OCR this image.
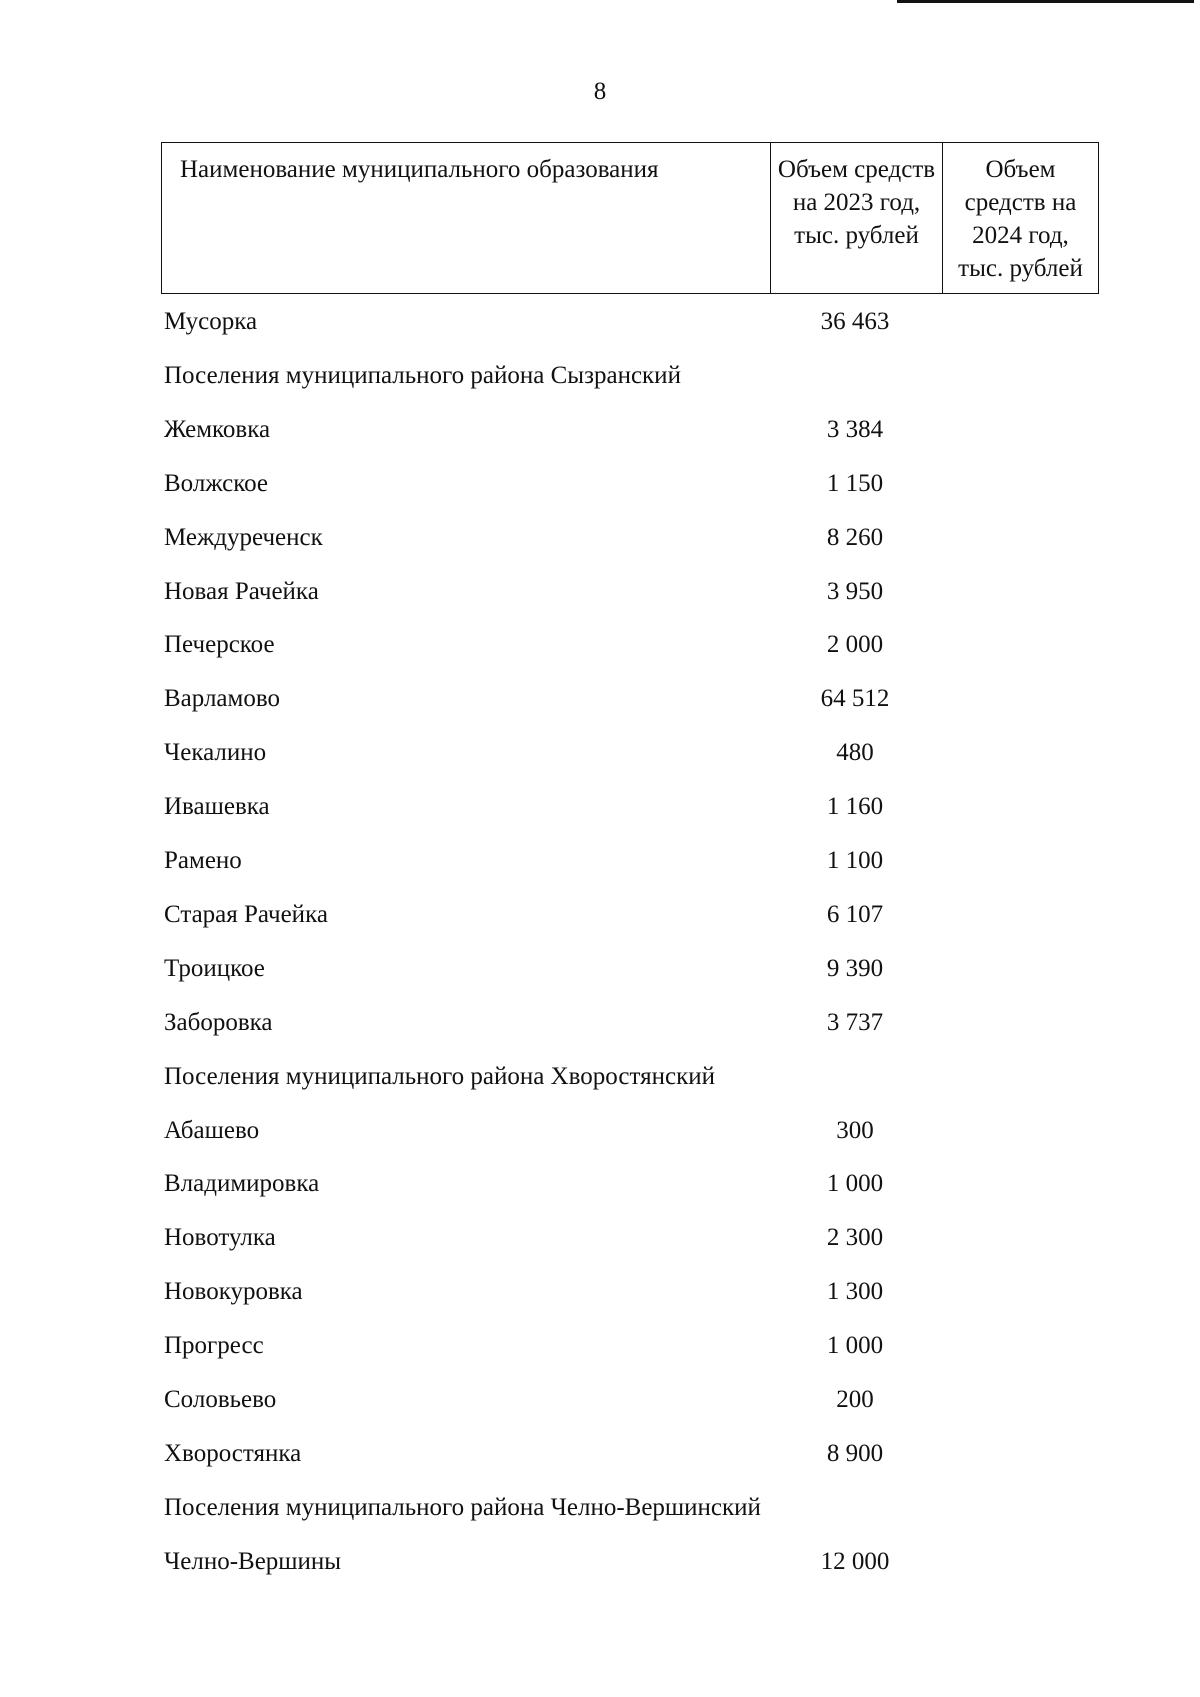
8
Наименование муниципального образования	Объем средств на 2023 год, тыс. рублей	Объем средств на 2024 год, тыс. рублей
Мусорка	36 463
Поселения муниципального района Сызранский
Жемковка	3 384
Волжское	1 150
Междуреченск	8 260
Новая Рачейка	3 950
Печерское	2 000
Варламово	64 512
Чекалино	480
Ивашевка	1 160
Рамено	1 100
Старая Рачейка	6 107
Троицкое	9 390
Заборовка	3 737
Поселения муниципального района Хворостянский
Абашево	300
Владимировка	1 000
Новотулка	2 300
Новокуровка	1 300
Прогресс	1 000
Соловьево	200
Хворостянка	8 900
Поселения муниципального района Челно-Вершинский
Челно-Вершины	12 000
